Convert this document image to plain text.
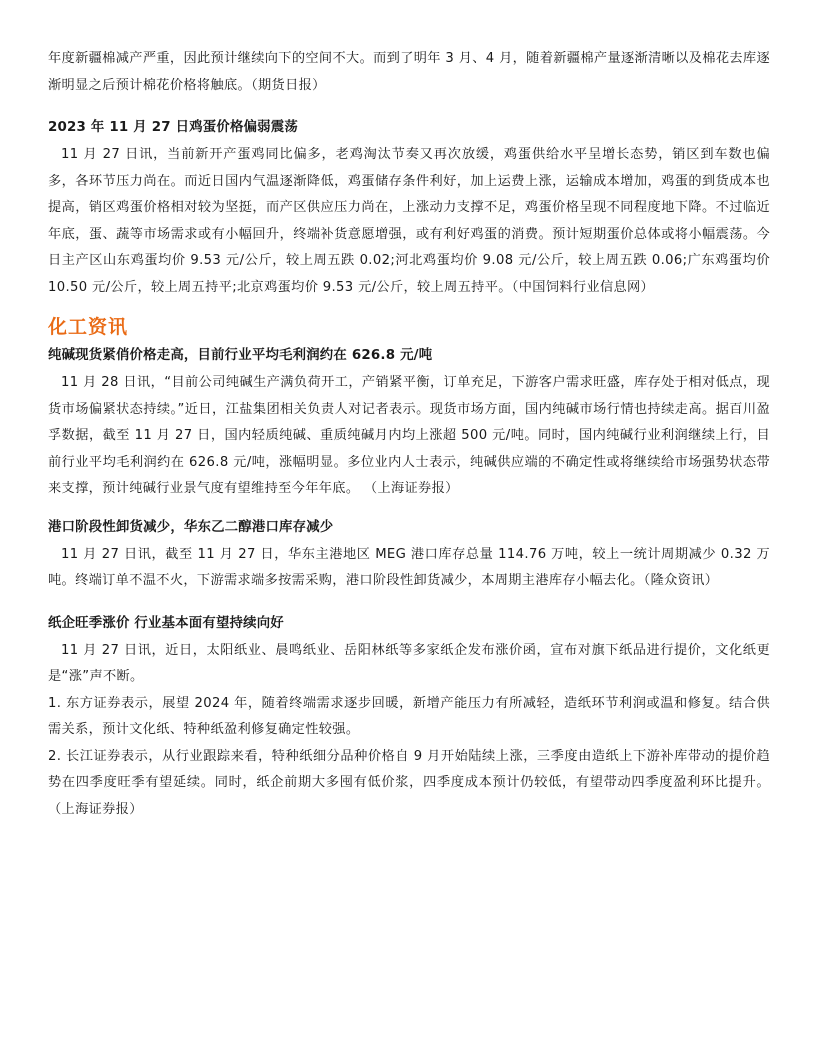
年度新疆棉减产严重，因此预计继续向下的空间不大。而到了明年 3 月、4 月，随着新疆棉产量逐渐清晰以及棉花去库逐渐明显之后预计棉花价格将触底。（期货日报）

2023 年 11 月 27 日鸡蛋价格偏弱震荡

11 月 27 日讯，当前新开产蛋鸡同比偏多，老鸡淘汰节奏又再次放缓，鸡蛋供给水平呈增长态势，销区到车数也偏多，各环节压力尚在。而近日国内气温逐渐降低，鸡蛋储存条件利好，加上运费上涨，运输成本增加，鸡蛋的到货成本也提高，销区鸡蛋价格相对较为坚挺，而产区供应压力尚在，上涨动力支撑不足，鸡蛋价格呈现不同程度地下降。不过临近年底，蛋、蔬等市场需求或有小幅回升，终端补货意愿增强，或有利好鸡蛋的消费。预计短期蛋价总体或将小幅震荡。今日主产区山东鸡蛋均价 9.53 元/公斤，较上周五跌 0.02;河北鸡蛋均价 9.08 元/公斤，较上周五跌 0.06;广东鸡蛋均价 10.50 元/公斤，较上周五持平;北京鸡蛋均价 9.53 元/公斤，较上周五持平。（中国饲料行业信息网）

化工资讯

纯碱现货紧俏价格走高，目前行业平均毛利润约在 626.8 元/吨

11 月 28 日讯，“目前公司纯碱生产满负荷开工，产销紧平衡，订单充足，下游客户需求旺盛，库存处于相对低点，现货市场偏紧状态持续。”近日，江盐集团相关负责人对记者表示。现货市场方面，国内纯碱市场行情也持续走高。据百川盈孚数据，截至 11 月 27 日，国内轻质纯碱、重质纯碱月内均上涨超 500 元/吨。同时，国内纯碱行业利润继续上行，目前行业平均毛利润约在 626.8 元/吨，涨幅明显。多位业内人士表示，纯碱供应端的不确定性或将继续给市场强势状态带来支撑，预计纯碱行业景气度有望维持至今年年底。 （上海证券报）

港口阶段性卸货减少，华东乙二醇港口库存减少

11 月 27 日讯，截至 11 月 27 日，华东主港地区 MEG 港口库存总量 114.76 万吨，较上一统计周期减少 0.32 万吨。终端订单不温不火，下游需求端多按需采购，港口阶段性卸货减少，本周期主港库存小幅去化。（隆众资讯）

纸企旺季涨价 行业基本面有望持续向好

11 月 27 日讯，近日，太阳纸业、晨鸣纸业、岳阳林纸等多家纸企发布涨价函，宣布对旗下纸品进行提价，文化纸更是“涨”声不断。

1. 东方证券表示，展望 2024 年，随着终端需求逐步回暖，新增产能压力有所减轻，造纸环节利润或温和修复。结合供需关系，预计文化纸、特种纸盈利修复确定性较强。

2. 长江证券表示，从行业跟踪来看，特种纸细分品种价格自 9 月开始陆续上涨，三季度由造纸上下游补库带动的提价趋势在四季度旺季有望延续。同时，纸企前期大多囤有低价浆，四季度成本预计仍较低，有望带动四季度盈利环比提升。（上海证券报）
